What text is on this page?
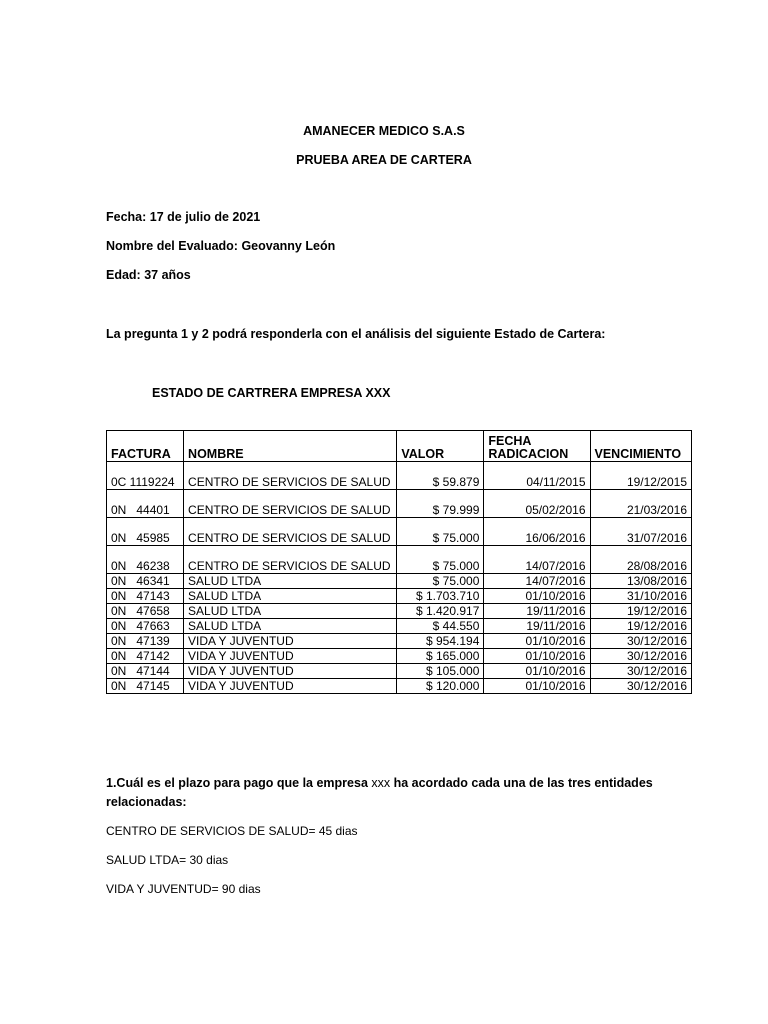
AMANECER MEDICO S.A.S
PRUEBA AREA DE CARTERA
Fecha: 17 de julio de 2021
Nombre del Evaluado: Geovanny León
Edad: 37 años
La pregunta 1 y 2 podrá responderla con el análisis del siguiente Estado de Cartera:
ESTADO DE CARTRERA EMPRESA XXX
FACTURA	NOMBRE	VALOR	FECHA RADICACION	VENCIMIENTO
0C 1119224	CENTRO DE SERVICIOS DE SALUD	$ 59.879	04/11/2015	19/12/2015
0N   44401	CENTRO DE SERVICIOS DE SALUD	$ 79.999	05/02/2016	21/03/2016
0N   45985	CENTRO DE SERVICIOS DE SALUD	$ 75.000	16/06/2016	31/07/2016
0N   46238	CENTRO DE SERVICIOS DE SALUD	$ 75.000	14/07/2016	28/08/2016
0N   46341	SALUD LTDA	$ 75.000	14/07/2016	13/08/2016
0N   47143	SALUD LTDA	$ 1.703.710	01/10/2016	31/10/2016
0N   47658	SALUD LTDA	$ 1.420.917	19/11/2016	19/12/2016
0N   47663	SALUD LTDA	$ 44.550	19/11/2016	19/12/2016
0N   47139	VIDA Y JUVENTUD	$ 954.194	01/10/2016	30/12/2016
0N   47142	VIDA Y JUVENTUD	$ 165.000	01/10/2016	30/12/2016
0N   47144	VIDA Y JUVENTUD	$ 105.000	01/10/2016	30/12/2016
0N   47145	VIDA Y JUVENTUD	$ 120.000	01/10/2016	30/12/2016
1.Cuál es el plazo para pago que la empresa xxx ha acordado cada una de las tres entidades relacionadas:
CENTRO DE SERVICIOS DE SALUD= 45 dias
SALUD LTDA= 30 dias
VIDA Y JUVENTUD= 90 dias
